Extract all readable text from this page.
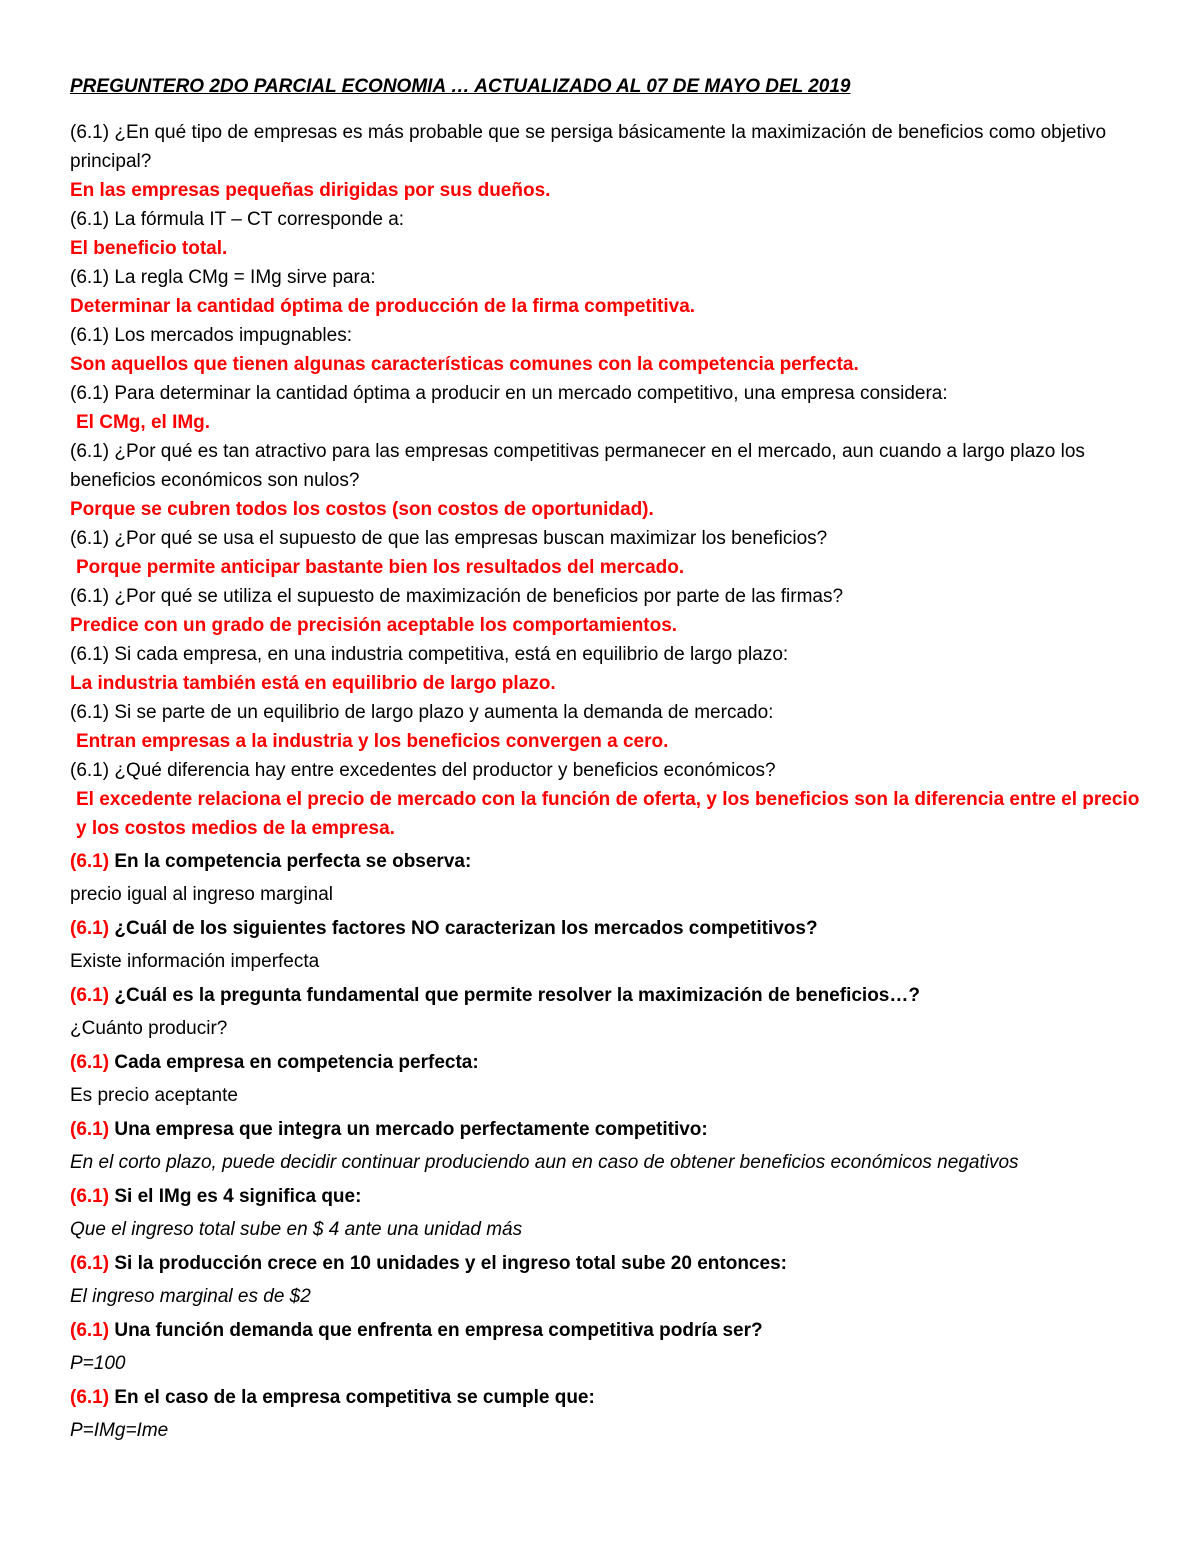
PREGUNTERO 2DO PARCIAL ECONOMIA … ACTUALIZADO AL 07 DE MAYO DEL 2019

(6.1) ¿En qué tipo de empresas es más probable que se persiga básicamente la maximización de beneficios como objetivo principal?

En las empresas pequeñas dirigidas por sus dueños.

(6.1) La fórmula IT – CT corresponde a:

El beneficio total.

(6.1) La regla CMg = IMg sirve para:

Determinar la cantidad óptima de producción de la firma competitiva.

(6.1) Los mercados impugnables:

Son aquellos que tienen algunas características comunes con la competencia perfecta.

(6.1) Para determinar la cantidad óptima a producir en un mercado competitivo, una empresa considera:

El CMg, el IMg.

(6.1) ¿Por qué es tan atractivo para las empresas competitivas permanecer en el mercado, aun cuando a largo plazo los beneficios económicos son nulos?

Porque se cubren todos los costos (son costos de oportunidad).

(6.1) ¿Por qué se usa el supuesto de que las empresas buscan maximizar los beneficios?

Porque permite anticipar bastante bien los resultados del mercado.

(6.1) ¿Por qué se utiliza el supuesto de maximización de beneficios por parte de las firmas?

Predice con un grado de precisión aceptable los comportamientos.

(6.1) Si cada empresa, en una industria competitiva, está en equilibrio de largo plazo:

La industria también está en equilibrio de largo plazo.

(6.1) Si se parte de un equilibrio de largo plazo y aumenta la demanda de mercado:

Entran empresas a la industria y los beneficios convergen a cero.

(6.1) ¿Qué diferencia hay entre excedentes del productor y beneficios económicos?

El excedente relaciona el precio de mercado con la función de oferta, y los beneficios son la diferencia entre el precio y los costos medios de la empresa.

(6.1) En la competencia perfecta se observa:

precio igual al ingreso marginal

(6.1) ¿Cuál de los siguientes factores NO caracterizan los mercados competitivos?

Existe información imperfecta

(6.1) ¿Cuál es la pregunta fundamental que permite resolver la maximización de beneficios…?

¿Cuánto producir?

(6.1) Cada empresa en competencia perfecta:

Es precio aceptante

(6.1) Una empresa que integra un mercado perfectamente competitivo:

En el corto plazo, puede decidir continuar produciendo aun en caso de obtener beneficios económicos negativos

(6.1) Si el IMg es 4 significa que:

Que el ingreso total sube en $ 4 ante una unidad más

(6.1) Si la producción crece en 10 unidades y el ingreso total sube 20 entonces:

El ingreso marginal es de $2

(6.1) Una función demanda que enfrenta en empresa competitiva podría ser?

P=100

(6.1) En el caso de la empresa competitiva se cumple que:

P=IMg=Ime
